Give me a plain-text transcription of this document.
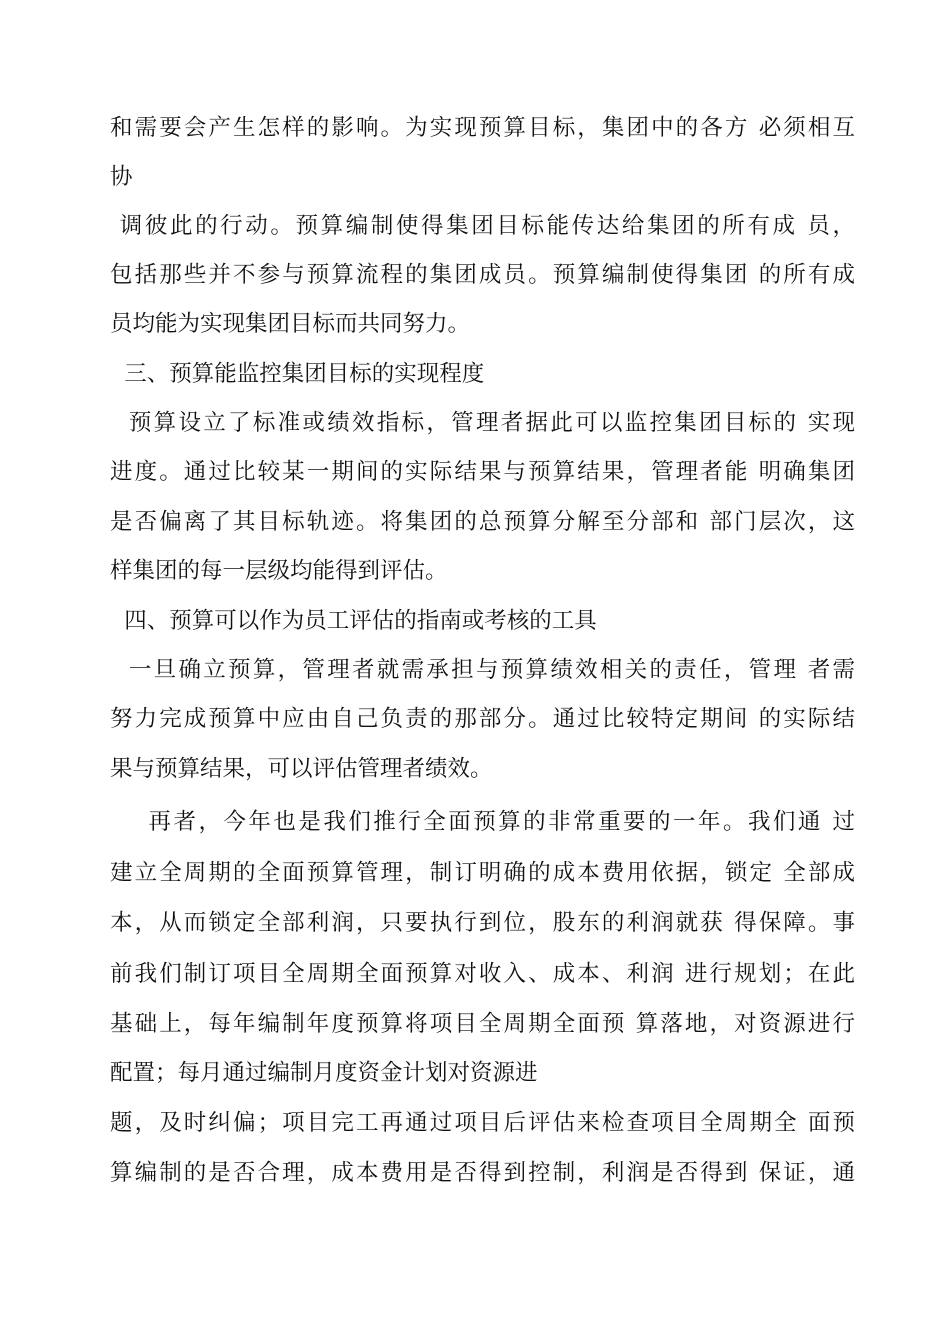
和需要会产生怎样的影响。为实现预算目标，集团中的各方 必须相互
协
调彼此的行动。预算编制使得集团目标能传达给集团的所有成 员，
包括那些并不参与预算流程的集团成员。预算编制使得集团 的所有成
员均能为实现集团目标而共同努力。
三、预算能监控集团目标的实现程度
预算设立了标准或绩效指标，管理者据此可以监控集团目标的 实现
进度。通过比较某一期间的实际结果与预算结果，管理者能 明确集团
是否偏离了其目标轨迹。将集团的总预算分解至分部和 部门层次，这
样集团的每一层级均能得到评估。
四、预算可以作为员工评估的指南或考核的工具
一旦确立预算，管理者就需承担与预算绩效相关的责任，管理 者需
努力完成预算中应由自己负责的那部分。通过比较特定期间 的实际结
果与预算结果，可以评估管理者绩效。
再者，今年也是我们推行全面预算的非常重要的一年。我们通 过
建立全周期的全面预算管理，制订明确的成本费用依据，锁定 全部成
本，从而锁定全部利润，只要执行到位，股东的利润就获 得保障。事
前我们制订项目全周期全面预算对收入、成本、利润 进行规划；在此
基础上，每年编制年度预算将项目全周期全面预 算落地，对资源进行
配置；每月通过编制月度资金计划对资源进
题，及时纠偏；项目完工再通过项目后评估来检查项目全周期全 面预
算编制的是否合理，成本费用是否得到控制，利润是否得到 保证，通
